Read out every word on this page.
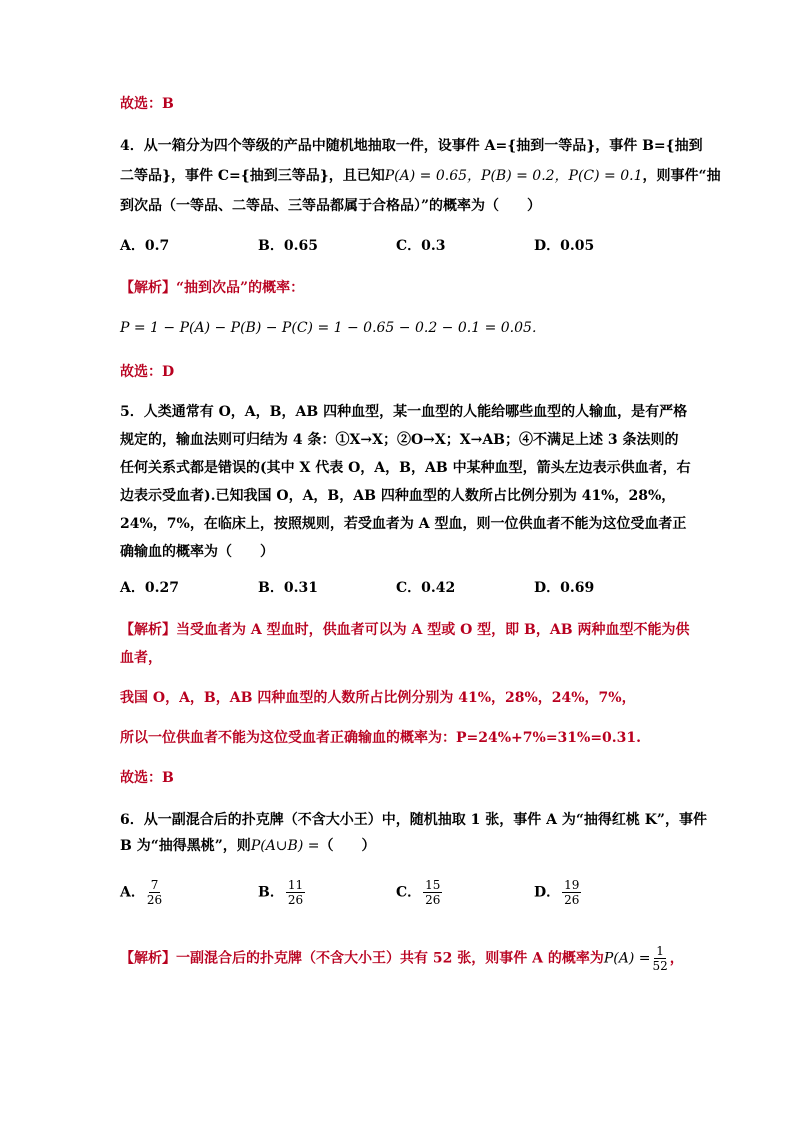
故选：B
4．从一箱分为四个等级的产品中随机地抽取一件，设事件 A={抽到一等品}，事件 B={抽到
二等品}，事件 C={抽到三等品}，且已知P(A) = 0.65，P(B) = 0.2，P(C) = 0.1，则事件“抽
到次品（一等品、二等品、三等品都属于合格品）”的概率为（　　）
A．0.7	B．0.65	C．0.3	D．0.05
【解析】“抽到次品”的概率：
P = 1 − P(A) − P(B) − P(C) = 1 − 0.65 − 0.2 − 0.1 = 0.05．
故选：D
5．人类通常有 O，A，B，AB 四种血型，某一血型的人能给哪些血型的人输血，是有严格
规定的，输血法则可归结为 4 条：①X→X；②O→X；X→AB；④不满足上述 3 条法则的
任何关系式都是错误的(其中 X 代表 O，A，B，AB 中某种血型，箭头左边表示供血者，右
边表示受血者).已知我国 O，A，B，AB 四种血型的人数所占比例分别为 41%，28%，
24%，7%，在临床上，按照规则，若受血者为 A 型血，则一位供血者不能为这位受血者正
确输血的概率为（　　）
A．0.27	B．0.31	C．0.42	D．0.69
【解析】当受血者为 A 型血时，供血者可以为 A 型或 O 型，即 B，AB 两种血型不能为供
血者，
我国 O，A，B，AB 四种血型的人数所占比例分别为 41%，28%，24%，7%，
所以一位供血者不能为这位受血者正确输血的概率为：P=24%+7%=31%=0.31.
故选：B
6．从一副混合后的扑克牌（不含大小王）中，随机抽取 1 张，事件 A 为“抽得红桃 K”，事件
B 为“抽得黑桃”，则P(A∪B) =（　　）
A． $\frac{7}{26}$	B． $\frac{11}{26}$	C． $\frac{15}{26}$	D． $\frac{19}{26}$
【解析】一副混合后的扑克牌（不含大小王）共有 52 张，则事件 A 的概率为$P(A) = \frac{1}{52}$ ，
